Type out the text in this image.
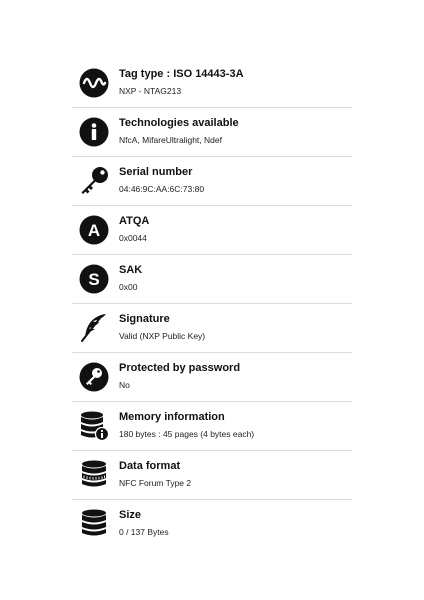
Tag type : ISO 14443-3A
NXP - NTAG213
Technologies available
NfcA, MifareUltralight, Ndef
Serial number
04:46:9C:AA:6C:73:80
A ATQA
0x0044
S SAK
0x00
Signature
Valid (NXP Public Key)
Protected by password
No
Memory information
180 bytes : 45 pages (4 bytes each)
Data format
NFC Forum Type 2
Size
0 / 137 Bytes
